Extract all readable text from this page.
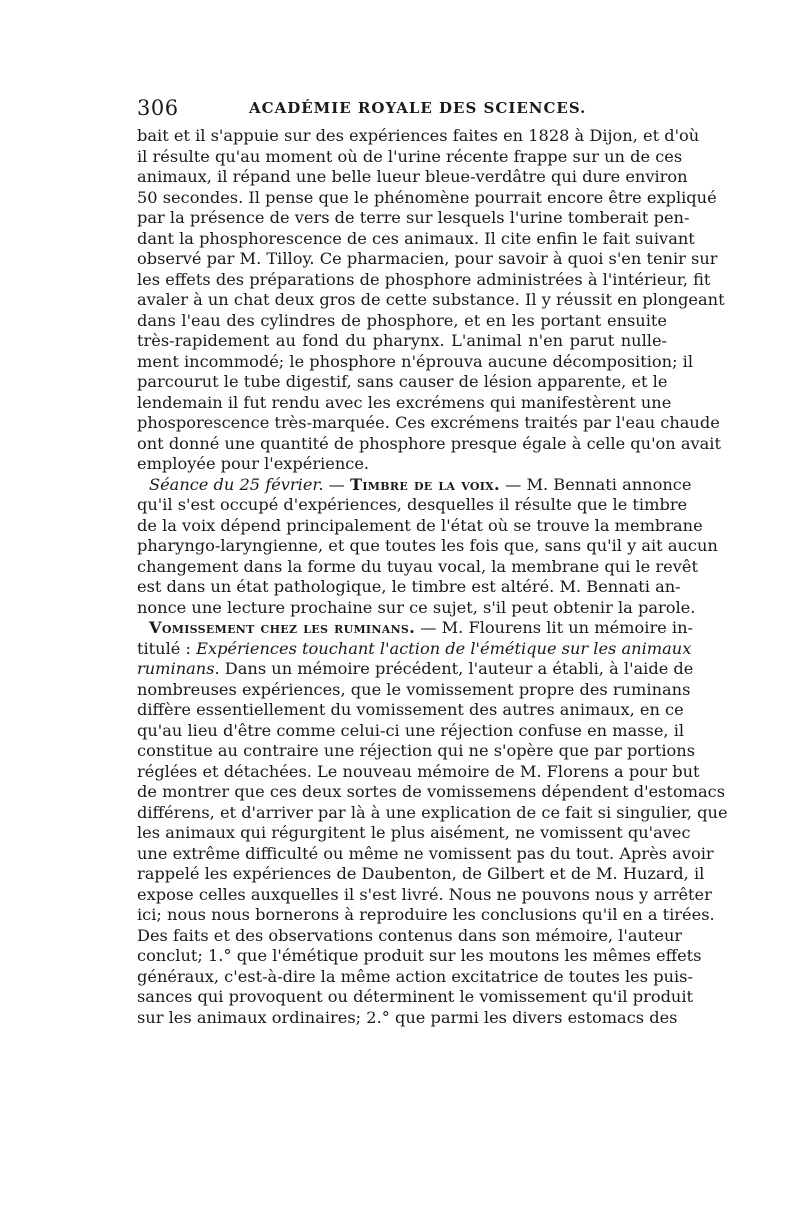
306	ACADÉMIE ROYALE DES SCIENCES.
bait et il s'appuie sur des expériences faites en 1828 à Dijon, et d'où
il résulte qu'au moment où de l'urine récente frappe sur un de ces
animaux, il répand une belle lueur bleue-verdâtre qui dure environ
50 secondes. Il pense que le phénomène pourrait encore être expliqué
par la présence de vers de terre sur lesquels l'urine tomberait pen-
dant la phosphorescence de ces animaux. Il cite enfin le fait suivant
observé par M. Tilloy. Ce pharmacien, pour savoir à quoi s'en tenir sur
les effets des préparations de phosphore administrées à l'intérieur, fit
avaler à un chat deux gros de cette substance. Il y réussit en plongeant
dans l'eau des cylindres de phosphore, et en les portant ensuite
très-rapidement au fond du pharynx. L'animal n'en parut nulle-
ment incommodé; le phosphore n'éprouva aucune décomposition; il
parcourut le tube digestif, sans causer de lésion apparente, et le
lendemain il fut rendu avec les excrémens qui manifestèrent une
phosporescence très-marquée. Ces excrémens traités par l'eau chaude
ont donné une quantité de phosphore presque égale à celle qu'on avait
employée pour l'expérience.
Séance du 25 février. — Timbre de la voix. — M. Bennati annonce
qu'il s'est occupé d'expériences, desquelles il résulte que le timbre
de la voix dépend principalement de l'état où se trouve la membrane
pharyngo-laryngienne, et que toutes les fois que, sans qu'il y ait aucun
changement dans la forme du tuyau vocal, la membrane qui le revêt
est dans un état pathologique, le timbre est altéré. M. Bennati an-
nonce une lecture prochaine sur ce sujet, s'il peut obtenir la parole.
Vomissement chez les ruminans. — M. Flourens lit un mémoire in-
titulé : Expériences touchant l'action de l'émétique sur les animaux
ruminans. Dans un mémoire précédent, l'auteur a établi, à l'aide de
nombreuses expériences, que le vomissement propre des ruminans
diffère essentiellement du vomissement des autres animaux, en ce
qu'au lieu d'être comme celui-ci une réjection confuse en masse, il
constitue au contraire une réjection qui ne s'opère que par portions
réglées et détachées. Le nouveau mémoire de M. Florens a pour but
de montrer que ces deux sortes de vomissemens dépendent d'estomacs
différens, et d'arriver par là à une explication de ce fait si singulier, que
les animaux qui régurgitent le plus aisément, ne vomissent qu'avec
une extrême difficulté ou même ne vomissent pas du tout. Après avoir
rappelé les expériences de Daubenton, de Gilbert et de M. Huzard, il
expose celles auxquelles il s'est livré. Nous ne pouvons nous y arrêter
ici; nous nous bornerons à reproduire les conclusions qu'il en a tirées.
Des faits et des observations contenus dans son mémoire, l'auteur
conclut; 1.° que l'émétique produit sur les moutons les mêmes effets
généraux, c'est-à-dire la même action excitatrice de toutes les puis-
sances qui provoquent ou déterminent le vomissement qu'il produit
sur les animaux ordinaires; 2.° que parmi les divers estomacs des
